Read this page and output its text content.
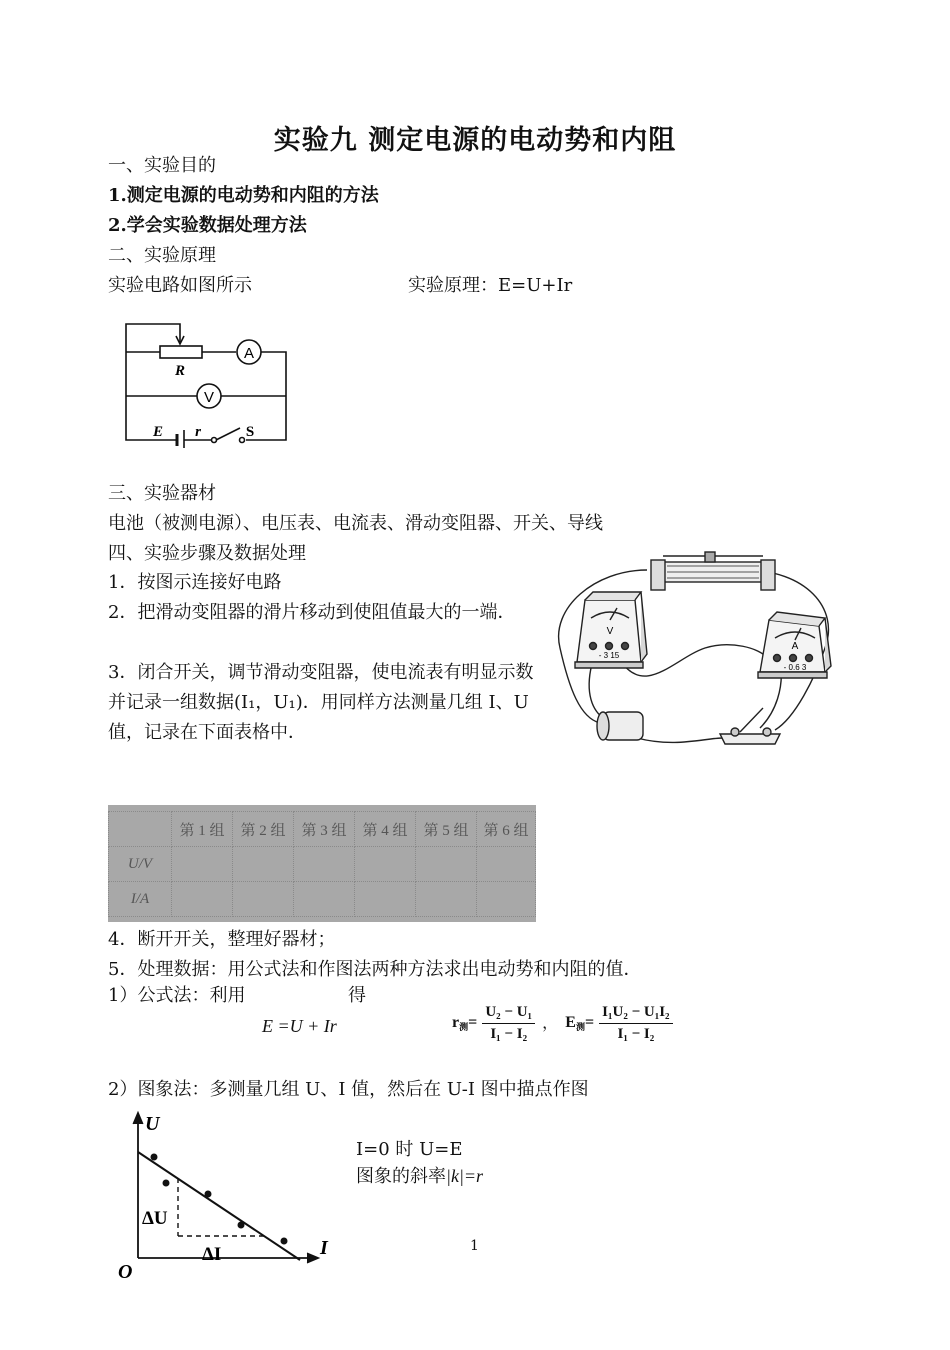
实验九 测定电源的电动势和内阻
一、实验目的
1.测定电源的电动势和内阻的方法
2.学会实验数据处理方法
二、实验原理
实验电路如图所示	实验原理：E=U+Ir
A
V
R
E r	S
三、实验器材
电池（被测电源）、电压表、电流表、滑动变阻器、开关、导线
四、实验步骤及数据处理
1．按图示连接好电路
2．把滑动变阻器的滑片移动到使阻值最大的一端．
3．闭合开关，调节滑动变阻器，使电流表有明显示数并记录一组数据(I₁，U₁)．用同样方法测量几组 I、U 值，记录在下面表格中．
V
- 3 15
A
- 0.6 3
	第 1 组	第 2 组	第 3 组	第 4 组	第 5 组	第 6 组
U/V						
I/A						
4．断开开关，整理好器材；
5．处理数据：用公式法和作图法两种方法求出电动势和内阻的值．
1）公式法：利用	得
E =U + Ir	$r_测= \frac{\text{U₂ − U₁}}{\text{I₁ − I₂}}$ ， $E_测= \frac{\text{I₁U₂ − U₁I₂}}{\text{I₁ − I₂}}$
2）图象法：多测量几组 U、I 值，然后在 U-I 图中描点作图
U
I
O
ΔU
ΔI
I=0 时 U=E
图象的斜率|k|=r
1
